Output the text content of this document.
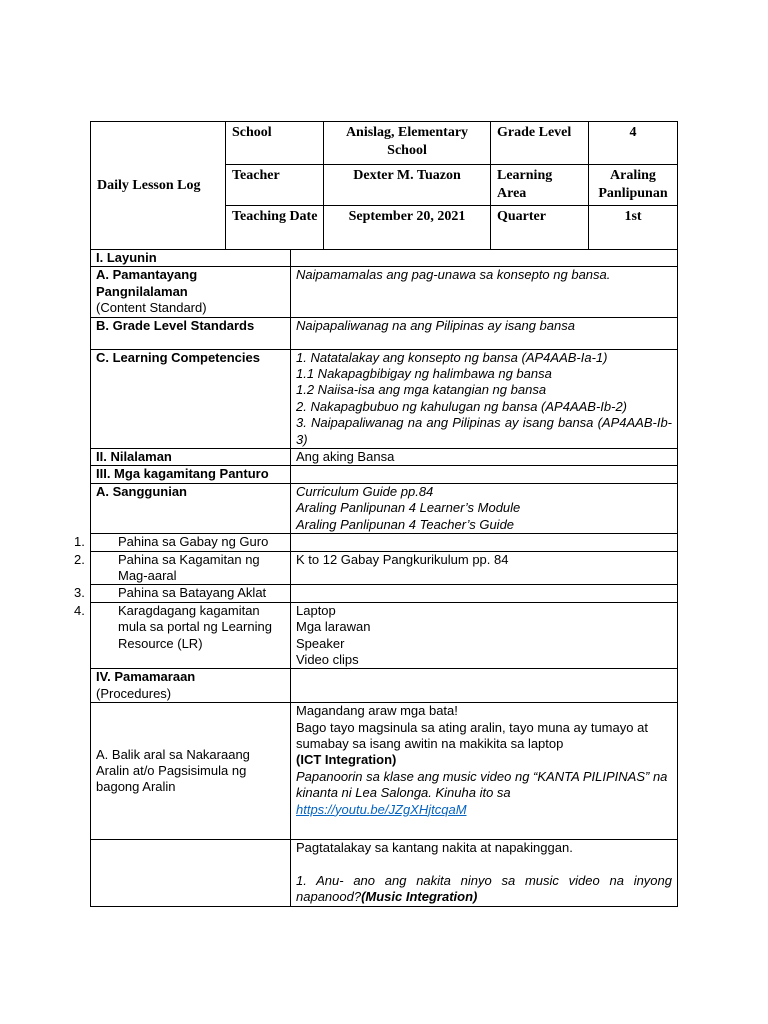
Daily Lesson Log	School		Anislag, Elementary School	Grade Level	4
	Teacher		Dexter M. Tuazon	Learning Area	Araling Panlipunan
	Teaching Date		September 20, 2021	Quarter	1st
I. Layunin					

A. Pamantayang Pangnilalaman
(Content Standard)		Naipamamalas ang pag-unawa sa konsepto ng bansa.			
B. Grade Level Standards		Naipapaliwanag na ang Pilipinas ay isang bansa			
C. Learning Competencies		1. Natatalakay ang konsepto ng bansa (AP4AAB-Ia-1)
1.1 Nakapagbibigay ng halimbawa ng bansa
1.2 Naiisa-isa ang mga katangian ng bansa
2. Nakapagbubuo ng kahulugan ng bansa (AP4AAB-Ib-2)
3. Naipapaliwanag na ang Pilipinas ay isang bansa (AP4AAB-Ib-3)			

II. Nilalaman		Ang aking Bansa			
III. Mga kagamitang Panturo					
A. Sanggunian		Curriculum Guide pp.84
Araling Panlipunan 4 Learner’s Module
Araling Panlipunan 4 Teacher’s Guide			

1. Pahina sa Gabay ng Guro					
2. Pahina sa Kagamitan ng Mag-aaral		K to 12 Gabay Pangkurikulum pp. 84			
3. Pahina sa Batayang Aklat					
4. Karagdagang kagamitan mula sa portal ng Learning Resource (LR)		Laptop
Mga larawan
Speaker
Video clips			

IV. Pamamaraan
(Procedures)					

A. Balik aral sa Nakaraang Aralin at/o Pagsisimula ng bagong Aralin		Magandang araw mga bata!
Bago tayo magsinula sa ating aralin, tayo muna ay tumayo at sumabay sa isang awitin na makikita sa laptop
(ICT Integration)
Papanoorin sa klase ang music video ng “KANTA PILIPINAS” na kinanta ni Lea Salonga. Kinuha ito sa https://youtu.be/JZgXHjtcqaM			

		Pagtatalakay sa kantang nakita at napakinggan.
1. Anu- ano ang nakita ninyo sa music video na inyong napanood?(Music Integration)			
